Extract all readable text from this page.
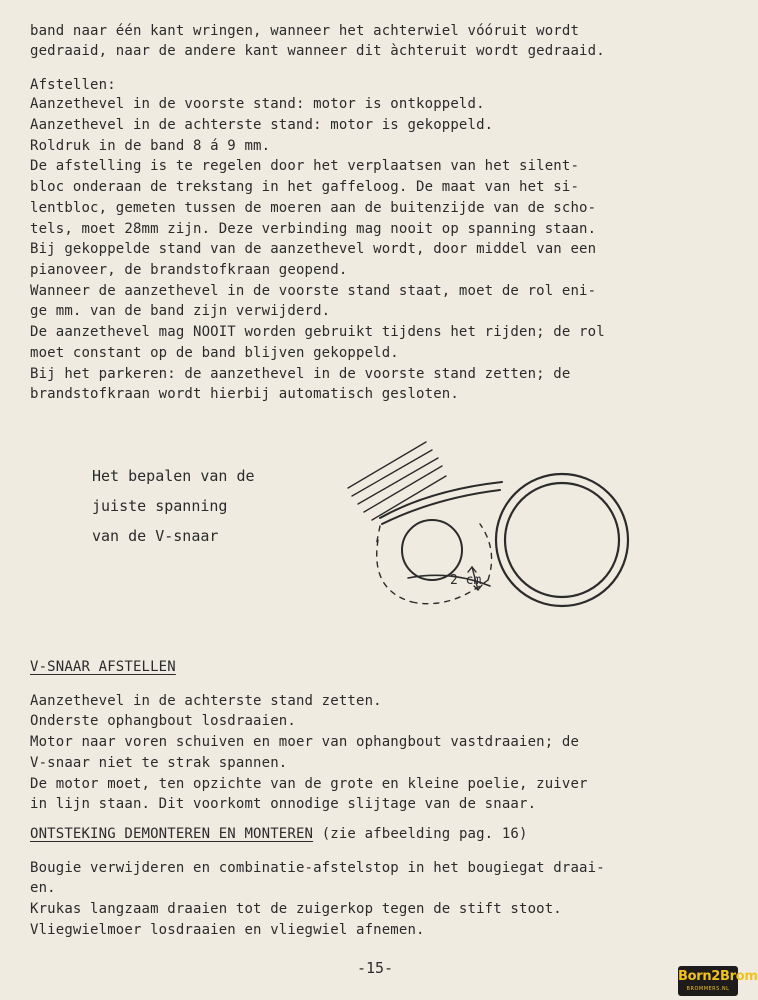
band naar één kant wringen, wanneer het achterwiel vóóruit wordt
gedraaid, naar de andere kant wanneer dit àchteruit wordt gedraaid.
Afstellen:
Aanzethevel in de voorste stand: motor is ontkoppeld.
Aanzethevel in de achterste stand: motor is gekoppeld.
Roldruk in de band 8 á 9 mm.
De afstelling is te regelen door het verplaatsen van het silent-
bloc onderaan de trekstang in het gaffeloog. De maat van het si-
lentbloc, gemeten tussen de moeren aan de buitenzijde van de scho-
tels, moet 28mm zijn. Deze verbinding mag nooit op spanning staan.
Bij gekoppelde stand van de aanzethevel wordt, door middel van een
pianoveer, de brandstofkraan geopend.
Wanneer de aanzethevel in de voorste stand staat, moet de rol eni-
ge mm. van de band zijn verwijderd.
De aanzethevel mag NOOIT worden gebruikt tijdens het rijden; de rol
moet constant op de band blijven gekoppeld.
Bij het parkeren: de aanzethevel in de voorste stand zetten; de
brandstofkraan wordt hierbij automatisch gesloten.
Het bepalen van de
juiste spanning
van de V-snaar
2 cm
V-SNAAR AFSTELLEN
Aanzethevel in de achterste stand zetten.
Onderste ophangbout losdraaien.
Motor naar voren schuiven en moer van ophangbout vastdraaien; de
V-snaar niet te strak spannen.
De motor moet, ten opzichte van de grote en kleine poelie, zuiver
in lijn staan. Dit voorkomt onnodige slijtage van de snaar.
ONTSTEKING DEMONTEREN EN MONTEREN (zie afbeelding pag. 16)
Bougie verwijderen en combinatie-afstelstop in het bougiegat draai-
en.
Krukas langzaam draaien tot de zuigerkop tegen de stift stoot.
Vliegwielmoer losdraaien en vliegwiel afnemen.
-15-	Born2Brom
BROMMERS.NL
